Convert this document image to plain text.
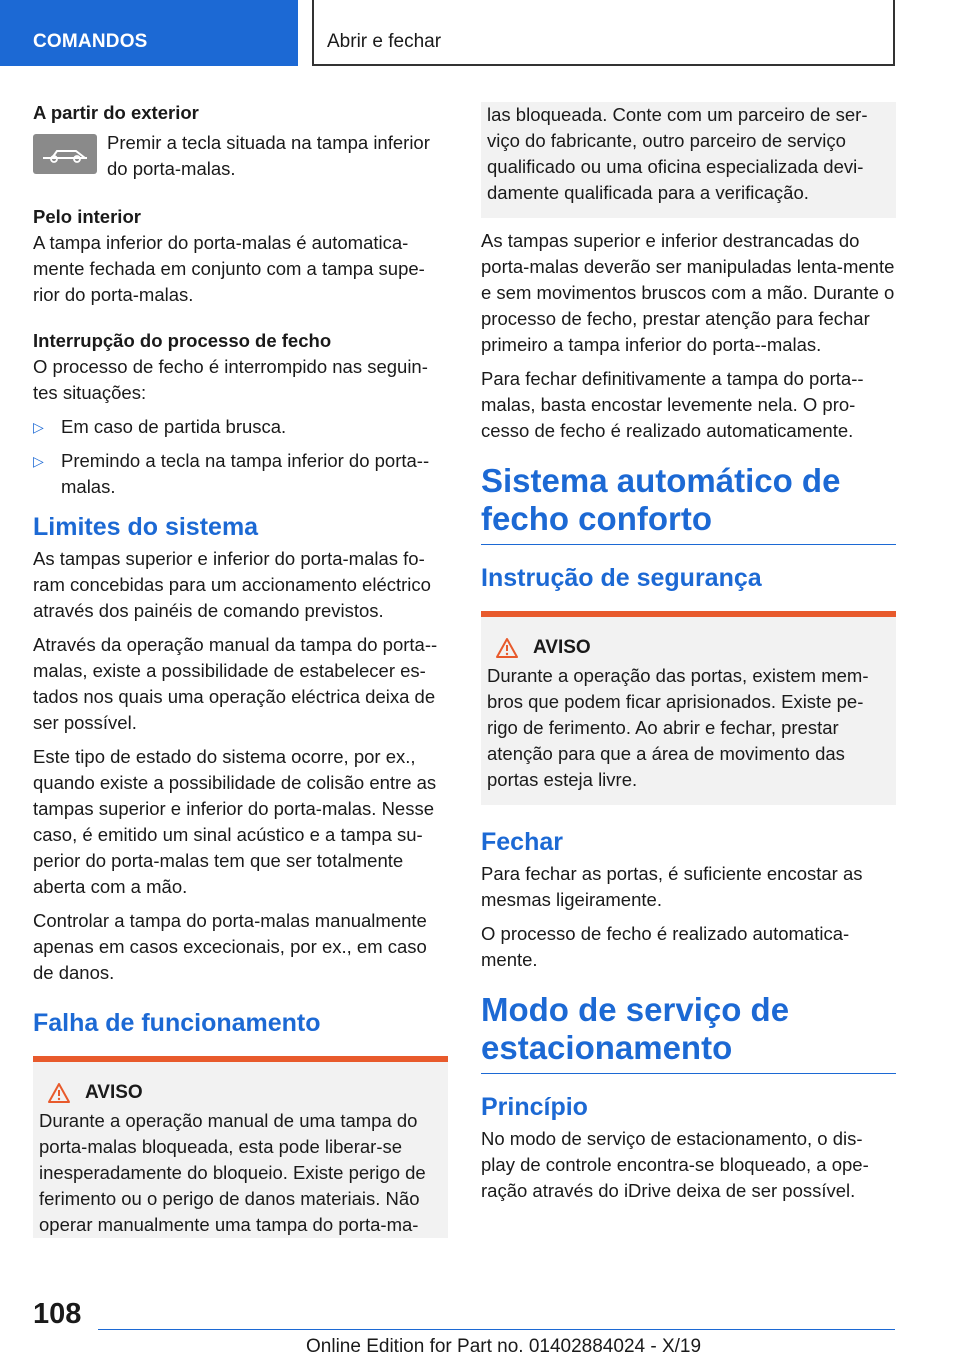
COMANDOS	Abrir e fechar

A partir do exterior

Premir a tecla situada na tampa inferior do porta-malas.

Pelo interior

A tampa inferior do porta-malas é automatica-mente fechada em conjunto com a tampa supe-rior do porta-malas.

Interrupção do processo de fecho

O processo de fecho é interrompido nas seguin-tes situações:

▷ Em caso de partida brusca.
▷ Premindo a tecla na tampa inferior do porta--malas.
Limites do sistema

As tampas superior e inferior do porta-malas fo-ram concebidas para um accionamento eléctrico através dos painéis de comando previstos.

Através da operação manual da tampa do porta--malas, existe a possibilidade de estabelecer es-tados nos quais uma operação eléctrica deixa de ser possível.

Este tipo de estado do sistema ocorre, por ex., quando existe a possibilidade de colisão entre as tampas superior e inferior do porta-malas. Nesse caso, é emitido um sinal acústico e a tampa su-perior do porta-malas tem que ser totalmente aberta com a mão.

Controlar a tampa do porta-malas manualmente apenas em casos excecionais, por ex., em caso de danos.

Falha de funcionamento
AVISO

Durante a operação manual de uma tampa do porta-malas bloqueada, esta pode liberar-se inesperadamente do bloqueio. Existe perigo de ferimento ou o perigo de danos materiais. Não operar manualmente uma tampa do porta-ma-

las bloqueada. Conte com um parceiro de ser-viço do fabricante, outro parceiro de serviço qualificado ou uma oficina especializada devi-damente qualificada para a verificação.

As tampas superior e inferior destrancadas do porta-malas deverão ser manipuladas lenta-mente e sem movimentos bruscos com a mão. Durante o processo de fecho, prestar atenção para fechar primeiro a tampa inferior do porta--malas.

Para fechar definitivamente a tampa do porta--malas, basta encostar levemente nela. O pro-cesso de fecho é realizado automaticamente.

Sistema automático de fecho conforto
Instrução de segurança
AVISO

Durante a operação das portas, existem mem-bros que podem ficar aprisionados. Existe pe-rigo de ferimento. Ao abrir e fechar, prestar atenção para que a área de movimento das portas esteja livre.

Fechar

Para fechar as portas, é suficiente encostar as mesmas ligeiramente.

O processo de fecho é realizado automatica-mente.

Modo de serviço de estacionamento
Princípio

No modo de serviço de estacionamento, o dis-play de controle encontra-se bloqueado, a ope-ração através do iDrive deixa de ser possível.

108
Online Edition for Part no. 01402884024 - X/19
